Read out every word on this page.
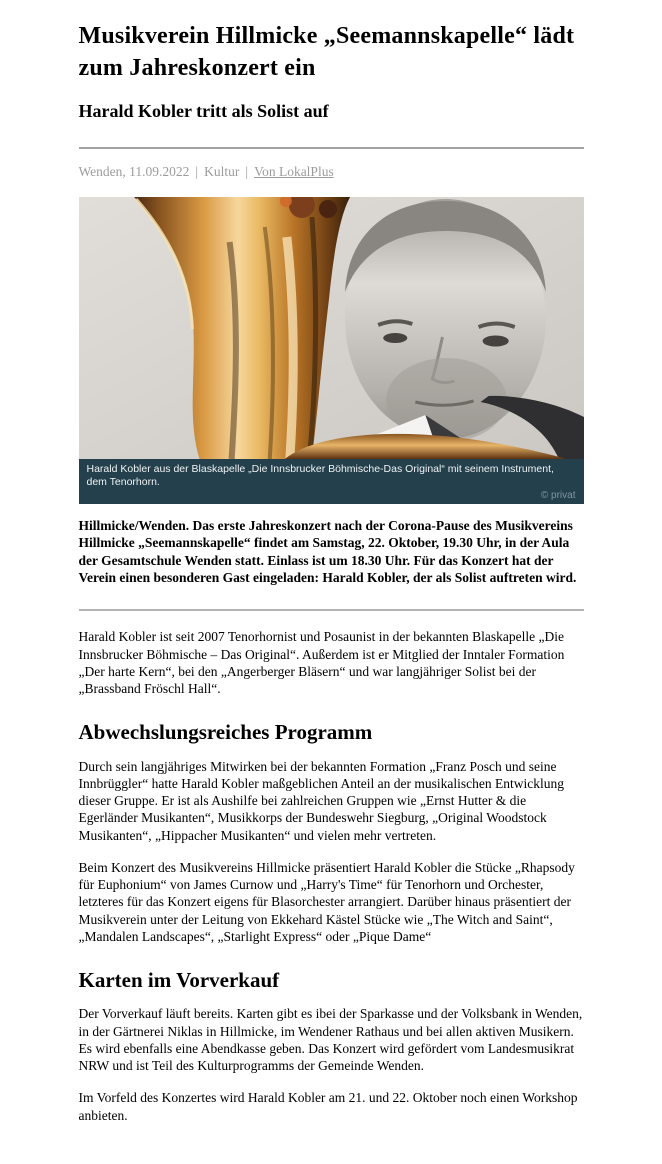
Musikverein Hillmicke „Seemannskapelle“ lädt zum Jahreskonzert ein
Harald Kobler tritt als Solist auf
Wenden, 11.09.2022 | Kultur | Von LokalPlus
Harald Kobler aus der Blaskapelle „Die Innsbrucker Böhmische-Das Original“ mit seinem Instrument, dem Tenorhorn.
© privat

Hillmicke/Wenden. Das erste Jahreskonzert nach der Corona-Pause des Musikvereins Hillmicke „Seemannskapelle“ findet am Samstag, 22. Oktober, 19.30 Uhr, in der Aula der Gesamtschule Wenden statt. Einlass ist um 18.30 Uhr. Für das Konzert hat der Verein einen besonderen Gast eingeladen: Harald Kobler, der als Solist auftreten wird.

Harald Kobler ist seit 2007 Tenorhornist und Posaunist in der bekannten Blaskapelle „Die Innsbrucker Böhmische – Das Original“. Außerdem ist er Mitglied der Inntaler Formation „Der harte Kern“, bei den „Angerberger Bläsern“ und war langjähriger Solist bei der „Brassband Fröschl Hall“.

Abwechslungsreiches Programm

Durch sein langjähriges Mitwirken bei der bekannten Formation „Franz Posch und seine Innbrüggler“ hatte Harald Kobler maßgeblichen Anteil an der musikalischen Entwicklung dieser Gruppe. Er ist als Aushilfe bei zahlreichen Gruppen wie „Ernst Hutter & die Egerländer Musikanten“, Musikkorps der Bundeswehr Siegburg, „Original Woodstock Musikanten“, „Hippacher Musikanten“ und vielen mehr vertreten.

Beim Konzert des Musikvereins Hillmicke präsentiert Harald Kobler die Stücke „Rhapsody für Euphonium“ von James Curnow und „Harry's Time“ für Tenorhorn und Orchester, letzteres für das Konzert eigens für Blasorchester arrangiert. Darüber hinaus präsentiert der Musikverein unter der Leitung von Ekkehard Kästel Stücke wie „The Witch and Saint“, „Mandalen Landscapes“, „Starlight Express“ oder „Pique Dame“

Karten im Vorverkauf

Der Vorverkauf läuft bereits. Karten gibt es ibei der Sparkasse und der Volksbank in Wenden, in der Gärtnerei Niklas in Hillmicke, im Wendener Rathaus und bei allen aktiven Musikern. Es wird ebenfalls eine Abendkasse geben. Das Konzert wird gefördert vom Landesmusikrat NRW und ist Teil des Kulturprogramms der Gemeinde Wenden.

Im Vorfeld des Konzertes wird Harald Kobler am 21. und 22. Oktober noch einen Workshop anbieten.
